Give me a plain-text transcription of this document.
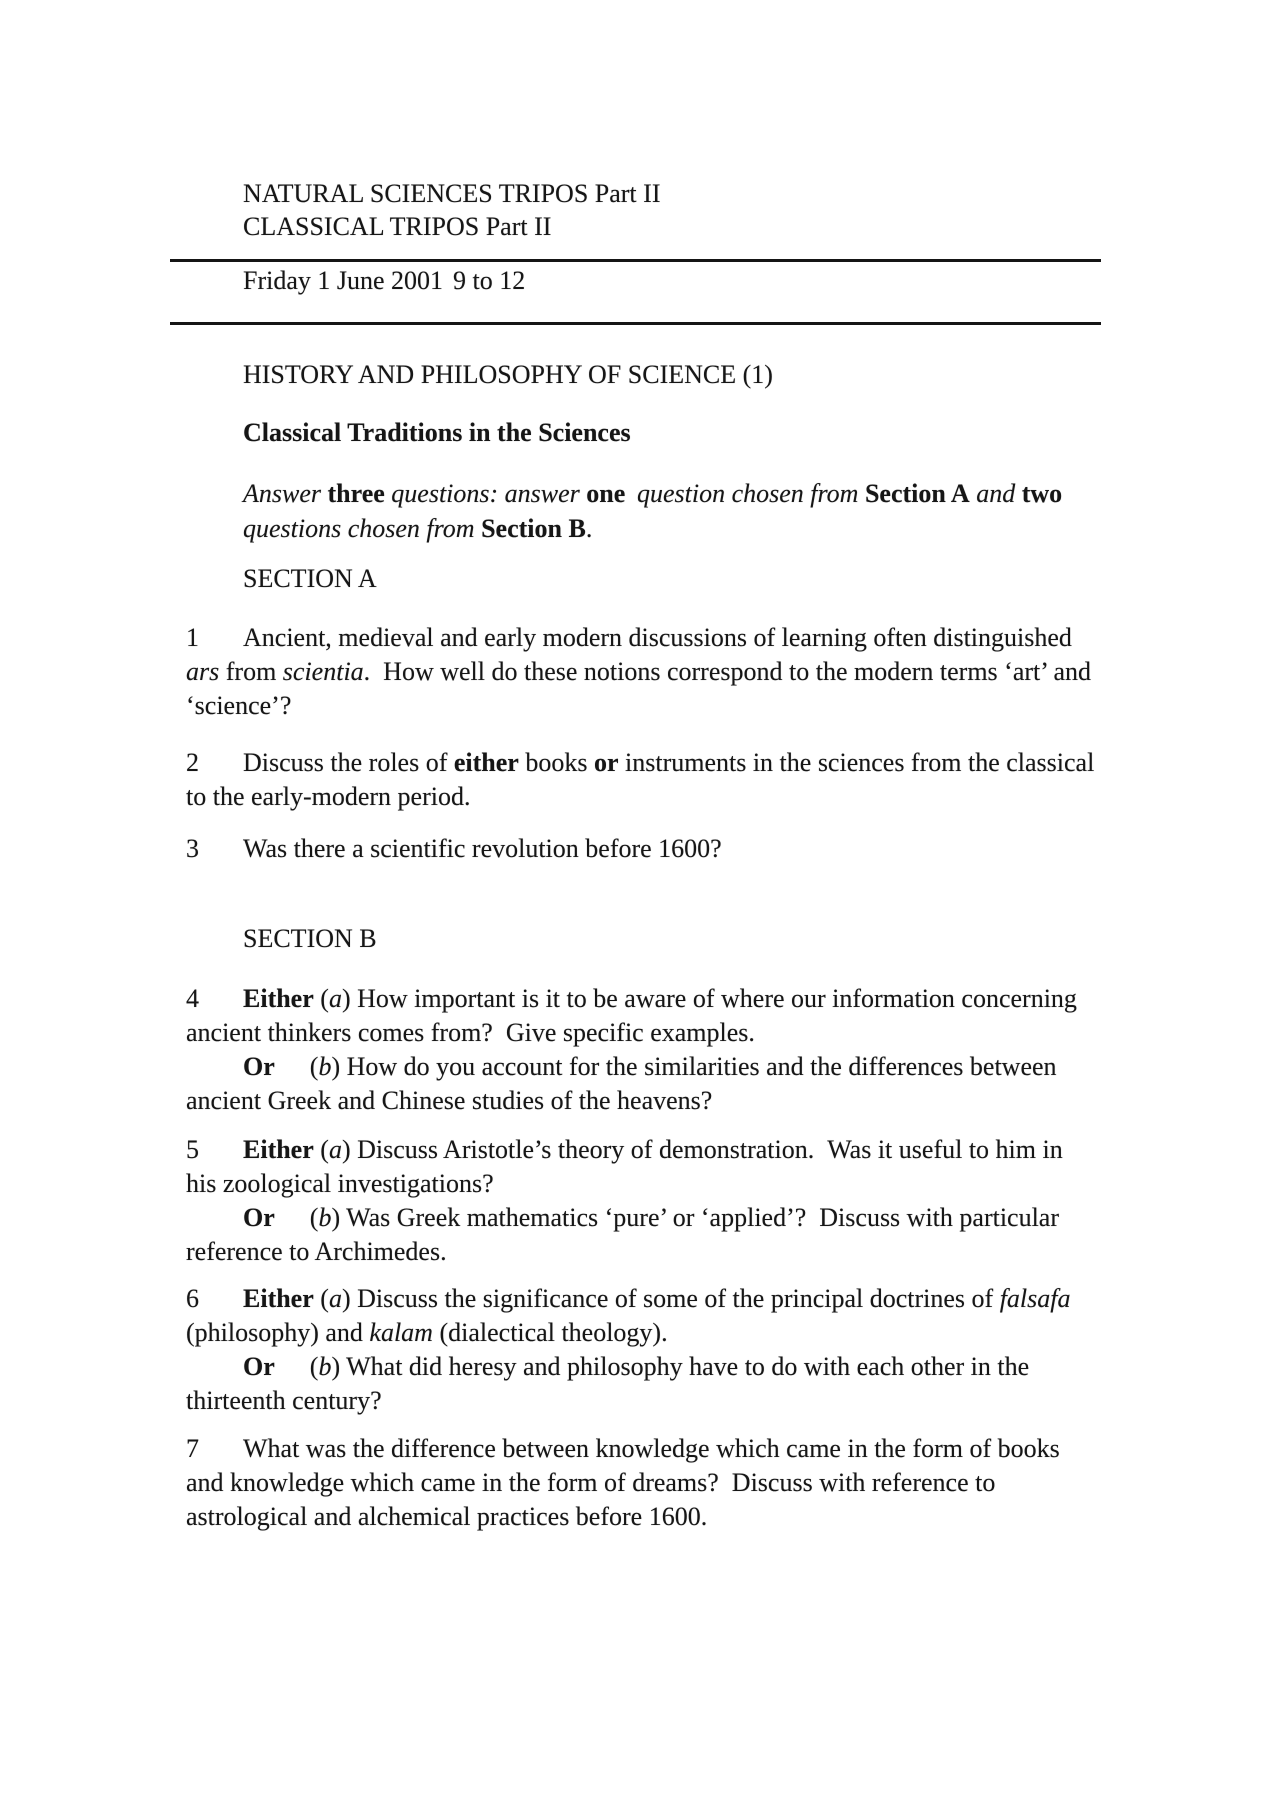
NATURAL SCIENCES TRIPOS Part II
CLASSICAL TRIPOS Part II
Friday 1 June 2001 9 to 12
HISTORY AND PHILOSOPHY OF SCIENCE (1)
Classical Traditions in the Sciences
Answer three questions: answer one  question chosen from Section A and two
questions chosen from Section B.
SECTION A
1 Ancient, medieval and early modern discussions of learning often distinguished
ars from scientia. How well do these notions correspond to the modern terms ‘art’ and
‘science’?
2 Discuss the roles of either books or instruments in the sciences from the classical
to the early-modern period.
3 Was there a scientific revolution before 1600?
SECTION B
4 Either (a) How important is it to be aware of where our information concerning
ancient thinkers comes from? Give specific examples.
Or (b) How do you account for the similarities and the differences between
ancient Greek and Chinese studies of the heavens?
5 Either (a) Discuss Aristotle’s theory of demonstration. Was it useful to him in
his zoological investigations?
Or (b) Was Greek mathematics ‘pure’ or ‘applied’? Discuss with particular
reference to Archimedes.
6 Either (a) Discuss the significance of some of the principal doctrines of falsafa
(philosophy) and kalam (dialectical theology).
Or (b) What did heresy and philosophy have to do with each other in the
thirteenth century?
7 What was the difference between knowledge which came in the form of books
and knowledge which came in the form of dreams? Discuss with reference to
astrological and alchemical practices before 1600.
